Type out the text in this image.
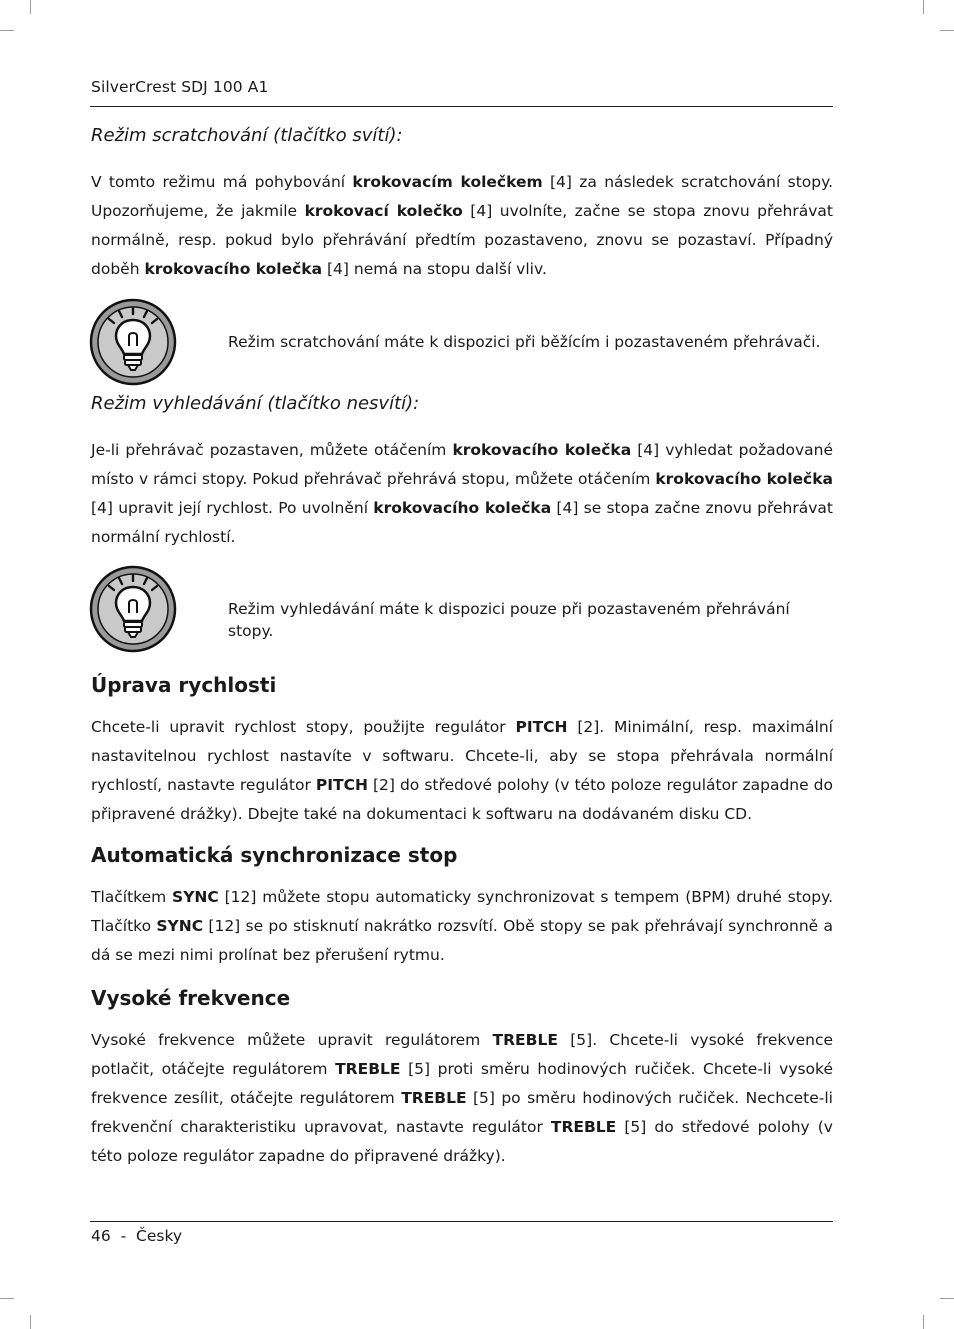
SilverCrest SDJ 100 A1
Režim scratchování (tlačítko svítí):

V tomto režimu má pohybování krokovacím kolečkem [4] za následek scratchování stopy. Upozorňujeme, že jakmile krokovací kolečko [4] uvolníte, začne se stopa znovu přehrávat normálně, resp. pokud bylo přehrávání předtím pozastaveno, znovu se pozastaví. Případný doběh krokovacího kolečka [4] nemá na stopu další vliv.

Režim scratchování máte k dispozici při běžícím i pozastaveném přehrávači.
Režim vyhledávání (tlačítko nesvítí):

Je-li přehrávač pozastaven, můžete otáčením krokovacího kolečka [4] vyhledat požadované místo v rámci stopy. Pokud přehrávač přehrává stopu, můžete otáčením krokovacího kolečka [4] upravit její rychlost. Po uvolnění krokovacího kolečka [4] se stopa začne znovu přehrávat normální rychlostí.

Režim vyhledávání máte k dispozici pouze při pozastaveném přehrávání stopy.
Úprava rychlosti

Chcete-li upravit rychlost stopy, použijte regulátor PITCH [2]. Minimální, resp. maximální nastavitelnou rychlost nastavíte v softwaru. Chcete-li, aby se stopa přehrávala normální rychlostí, nastavte regulátor PITCH [2] do středové polohy (v této poloze regulátor zapadne do připravené drážky). Dbejte také na dokumentaci k softwaru na dodávaném disku CD.

Automatická synchronizace stop

Tlačítkem SYNC [12] můžete stopu automaticky synchronizovat s tempem (BPM) druhé stopy. Tlačítko SYNC [12] se po stisknutí nakrátko rozsvítí. Obě stopy se pak přehrávají synchronně a dá se mezi nimi prolínat bez přerušení rytmu.

Vysoké frekvence

Vysoké frekvence můžete upravit regulátorem TREBLE [5]. Chcete-li vysoké frekvence potlačit, otáčejte regulátorem TREBLE [5] proti směru hodinových ručiček. Chcete-li vysoké frekvence zesílit, otáčejte regulátorem TREBLE [5] po směru hodinových ručiček. Nechcete-li frekvenční charakteristiku upravovat, nastavte regulátor TREBLE [5] do středové polohy (v této poloze regulátor zapadne do připravené drážky).

46  -  Česky
